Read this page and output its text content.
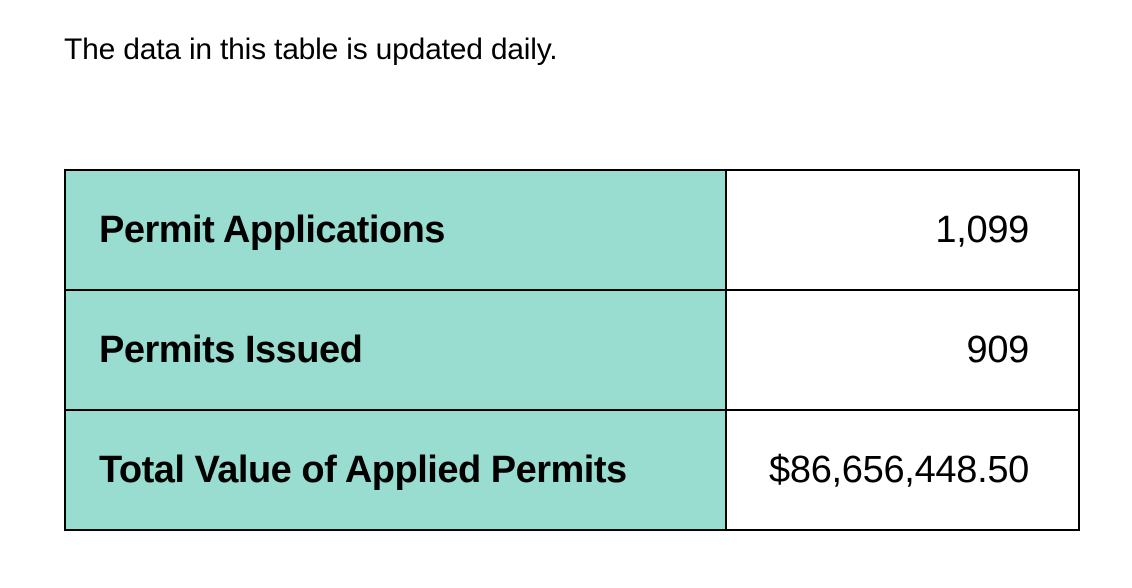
The data in this table is updated daily.

Permit Applications	1,099
Permits Issued	909
Total Value of Applied Permits	$86,656,448.50
